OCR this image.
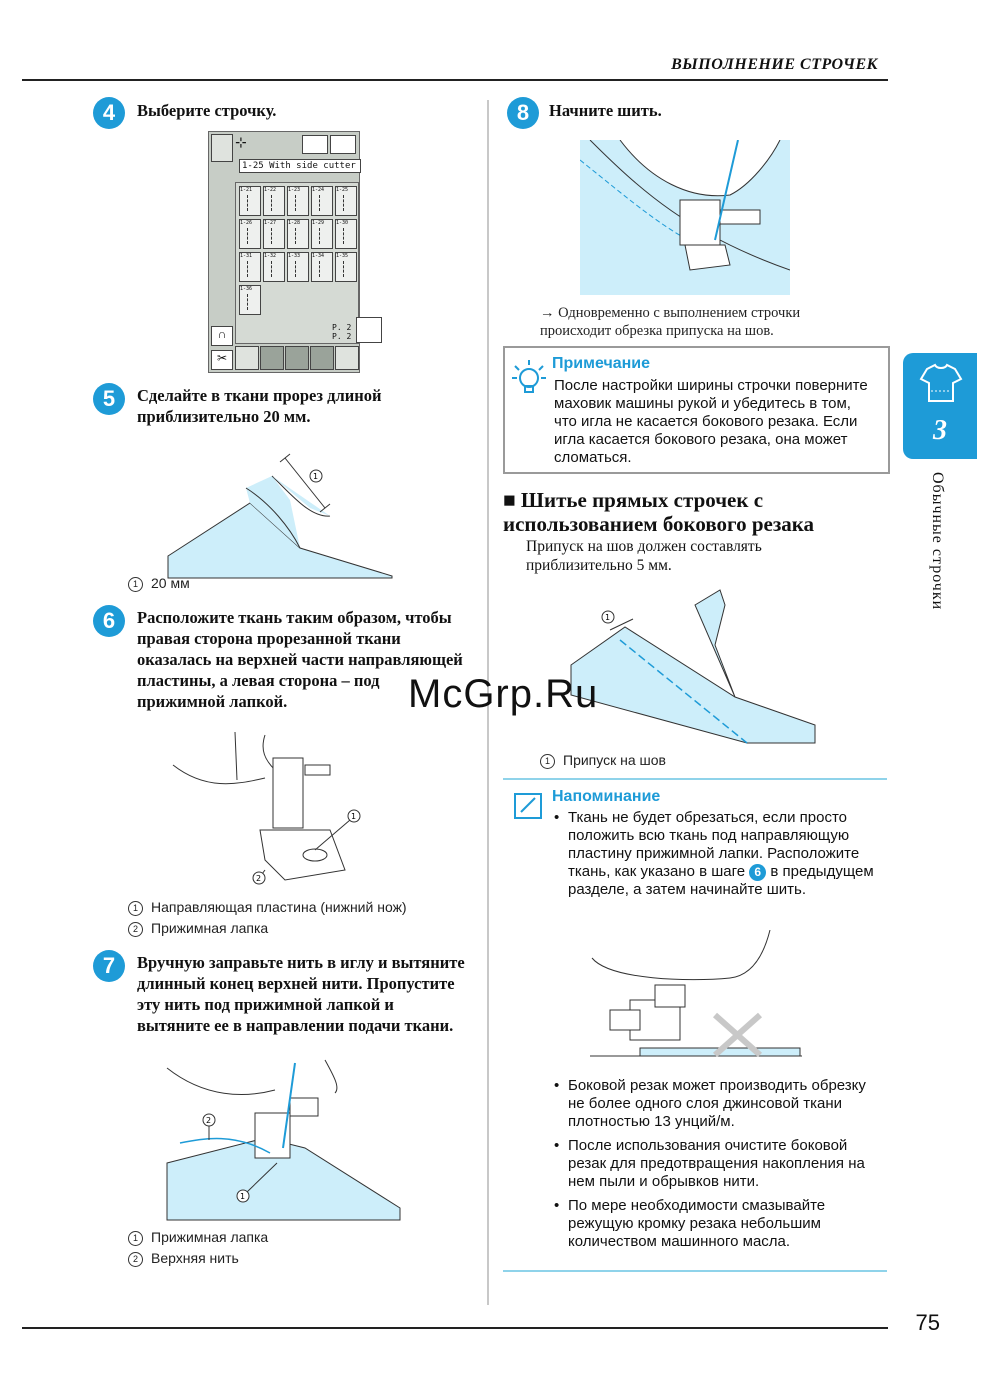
ВЫПОЛНЕНИЕ СТРОЧЕК
4	Выберите строчку.
⊹
1-25 With side cutter
1-21	1-22	1-23	1-24	1-25
1-26	1-27	1-28	1-29	1-30
1-31	1-32	1-33	1-34	1-35
1-36
P. 2
P. 2
∩
✂
5	Сделайте в ткани прорез длиной приблизительно 20 мм.
1
1 20 мм
6	Расположите ткань таким образом, чтобы правая сторона прорезанной ткани оказалась на верхней части направляющей пластины, а левая сторона – под прижимной лапкой.
1
2
1 Направляющая пластина (нижний нож)
2 Прижимная лапка
7	Вручную заправьте нить в иглу и вытяните длинный конец верхней нити. Пропустите эту нить под прижимной лапкой и вытяните ее в направлении подачи ткани.
1
2
1 Прижимная лапка
2 Верхняя нить
8	Начните шить.
→ Одновременно с выполнением строчки происходит обрезка припуска на шов.
Примечание
После настройки ширины строчки поверните маховик машины рукой и убедитесь в том, что игла не касается бокового резака. Если игла касается бокового резака, она может сломаться.
■ Шитье прямых строчек с использованием бокового резака
Припуск на шов должен составлять приблизительно 5 мм.
1
1 Припуск на шов
Напоминание
• Ткань не будет обрезаться, если просто положить всю ткань под направляющую пластину прижимной лапки. Расположите ткань, как указано в шаге 6 в предыдущем разделе, а затем начинайте шить.
• Боковой резак может производить обрезку не более одного слоя джинсовой ткани плотностью 13 унций/м.
• После использования очистите боковой резак для предотвращения накопления на нем пыли и обрывков нити.
• По мере необходимости смазывайте режущую кромку резака небольшим количеством машинного масла.
3
Обычные строчки
McGrp.Ru
75
